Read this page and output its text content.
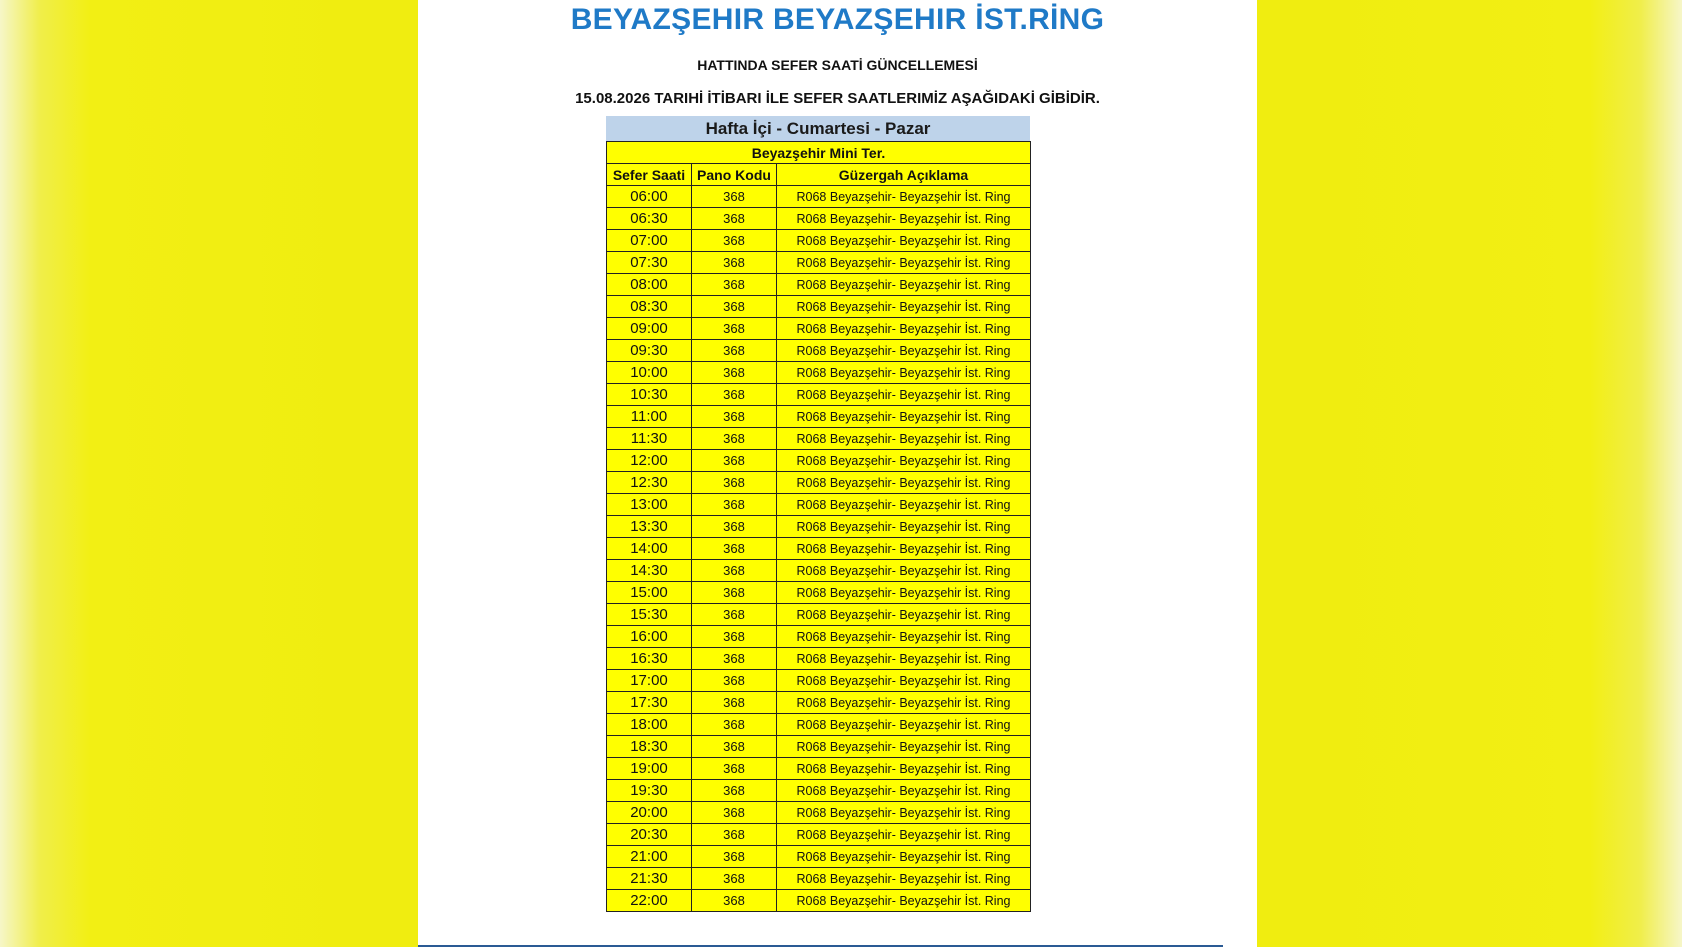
BEYAZŞEHIR BEYAZŞEHIR İST.RİNG
HATTINDA SEFER SAATİ GÜNCELLEMESİ
15.08.2026 TARIHİ İTİBARI İLE SEFER SAATLERIMİZ AŞAĞIDAKİ GİBİDİR.
Hafta İçi - Cumartesi - Pazar
Beyazşehir Mini Ter.		
Sefer Saati	Pano Kodu	Güzergah Açıklama
06:00	368	R068 Beyazşehir- Beyazşehir İst. Ring
06:30	368	R068 Beyazşehir- Beyazşehir İst. Ring
07:00	368	R068 Beyazşehir- Beyazşehir İst. Ring
07:30	368	R068 Beyazşehir- Beyazşehir İst. Ring
08:00	368	R068 Beyazşehir- Beyazşehir İst. Ring
08:30	368	R068 Beyazşehir- Beyazşehir İst. Ring
09:00	368	R068 Beyazşehir- Beyazşehir İst. Ring
09:30	368	R068 Beyazşehir- Beyazşehir İst. Ring
10:00	368	R068 Beyazşehir- Beyazşehir İst. Ring
10:30	368	R068 Beyazşehir- Beyazşehir İst. Ring
11:00	368	R068 Beyazşehir- Beyazşehir İst. Ring
11:30	368	R068 Beyazşehir- Beyazşehir İst. Ring
12:00	368	R068 Beyazşehir- Beyazşehir İst. Ring
12:30	368	R068 Beyazşehir- Beyazşehir İst. Ring
13:00	368	R068 Beyazşehir- Beyazşehir İst. Ring
13:30	368	R068 Beyazşehir- Beyazşehir İst. Ring
14:00	368	R068 Beyazşehir- Beyazşehir İst. Ring
14:30	368	R068 Beyazşehir- Beyazşehir İst. Ring
15:00	368	R068 Beyazşehir- Beyazşehir İst. Ring
15:30	368	R068 Beyazşehir- Beyazşehir İst. Ring
16:00	368	R068 Beyazşehir- Beyazşehir İst. Ring
16:30	368	R068 Beyazşehir- Beyazşehir İst. Ring
17:00	368	R068 Beyazşehir- Beyazşehir İst. Ring
17:30	368	R068 Beyazşehir- Beyazşehir İst. Ring
18:00	368	R068 Beyazşehir- Beyazşehir İst. Ring
18:30	368	R068 Beyazşehir- Beyazşehir İst. Ring
19:00	368	R068 Beyazşehir- Beyazşehir İst. Ring
19:30	368	R068 Beyazşehir- Beyazşehir İst. Ring
20:00	368	R068 Beyazşehir- Beyazşehir İst. Ring
20:30	368	R068 Beyazşehir- Beyazşehir İst. Ring
21:00	368	R068 Beyazşehir- Beyazşehir İst. Ring
21:30	368	R068 Beyazşehir- Beyazşehir İst. Ring
22:00	368	R068 Beyazşehir- Beyazşehir İst. Ring
